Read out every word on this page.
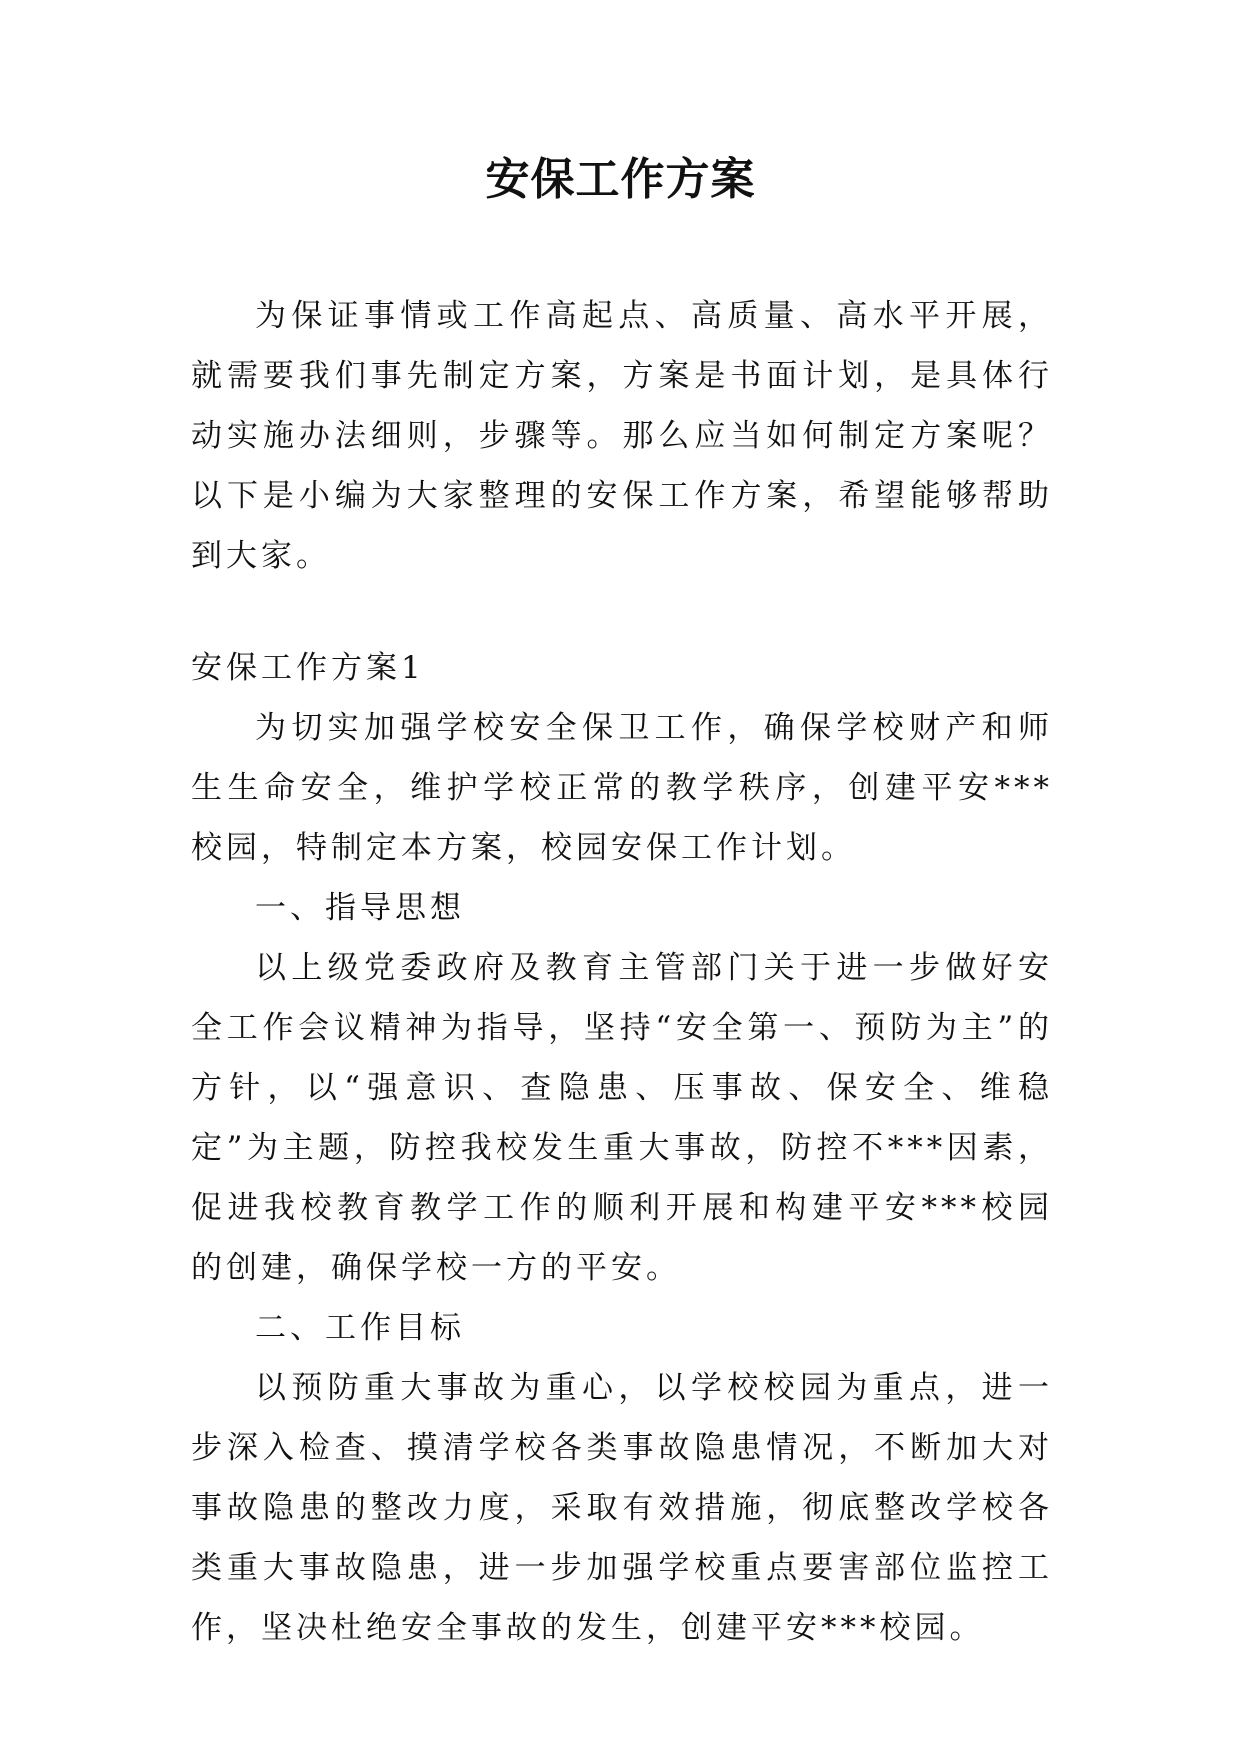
安保工作方案

为保证事情或工作高起点、高质量、高水平开展，就需要我们事先制定方案，方案是书面计划，是具体行动实施办法细则，步骤等。那么应当如何制定方案呢？以下是小编为大家整理的安保工作方案，希望能够帮助到大家。

安保工作方案1

为切实加强学校安全保卫工作，确保学校财产和师生生命安全，维护学校正常的教学秩序，创建平安***校园，特制定本方案，校园安保工作计划。

一、指导思想

以上级党委政府及教育主管部门关于进一步做好安全工作会议精神为指导，坚持“安全第一、预防为主”的方针，以“强意识、查隐患、压事故、保安全、维稳定”为主题，防控我校发生重大事故，防控不***因素，促进我校教育教学工作的顺利开展和构建平安***校园的创建，确保学校一方的平安。

二、工作目标

以预防重大事故为重心，以学校校园为重点，进一步深入检查、摸清学校各类事故隐患情况，不断加大对事故隐患的整改力度，采取有效措施，彻底整改学校各类重大事故隐患，进一步加强学校重点要害部位监控工作，坚决杜绝安全事故的发生，创建平安***校园。
